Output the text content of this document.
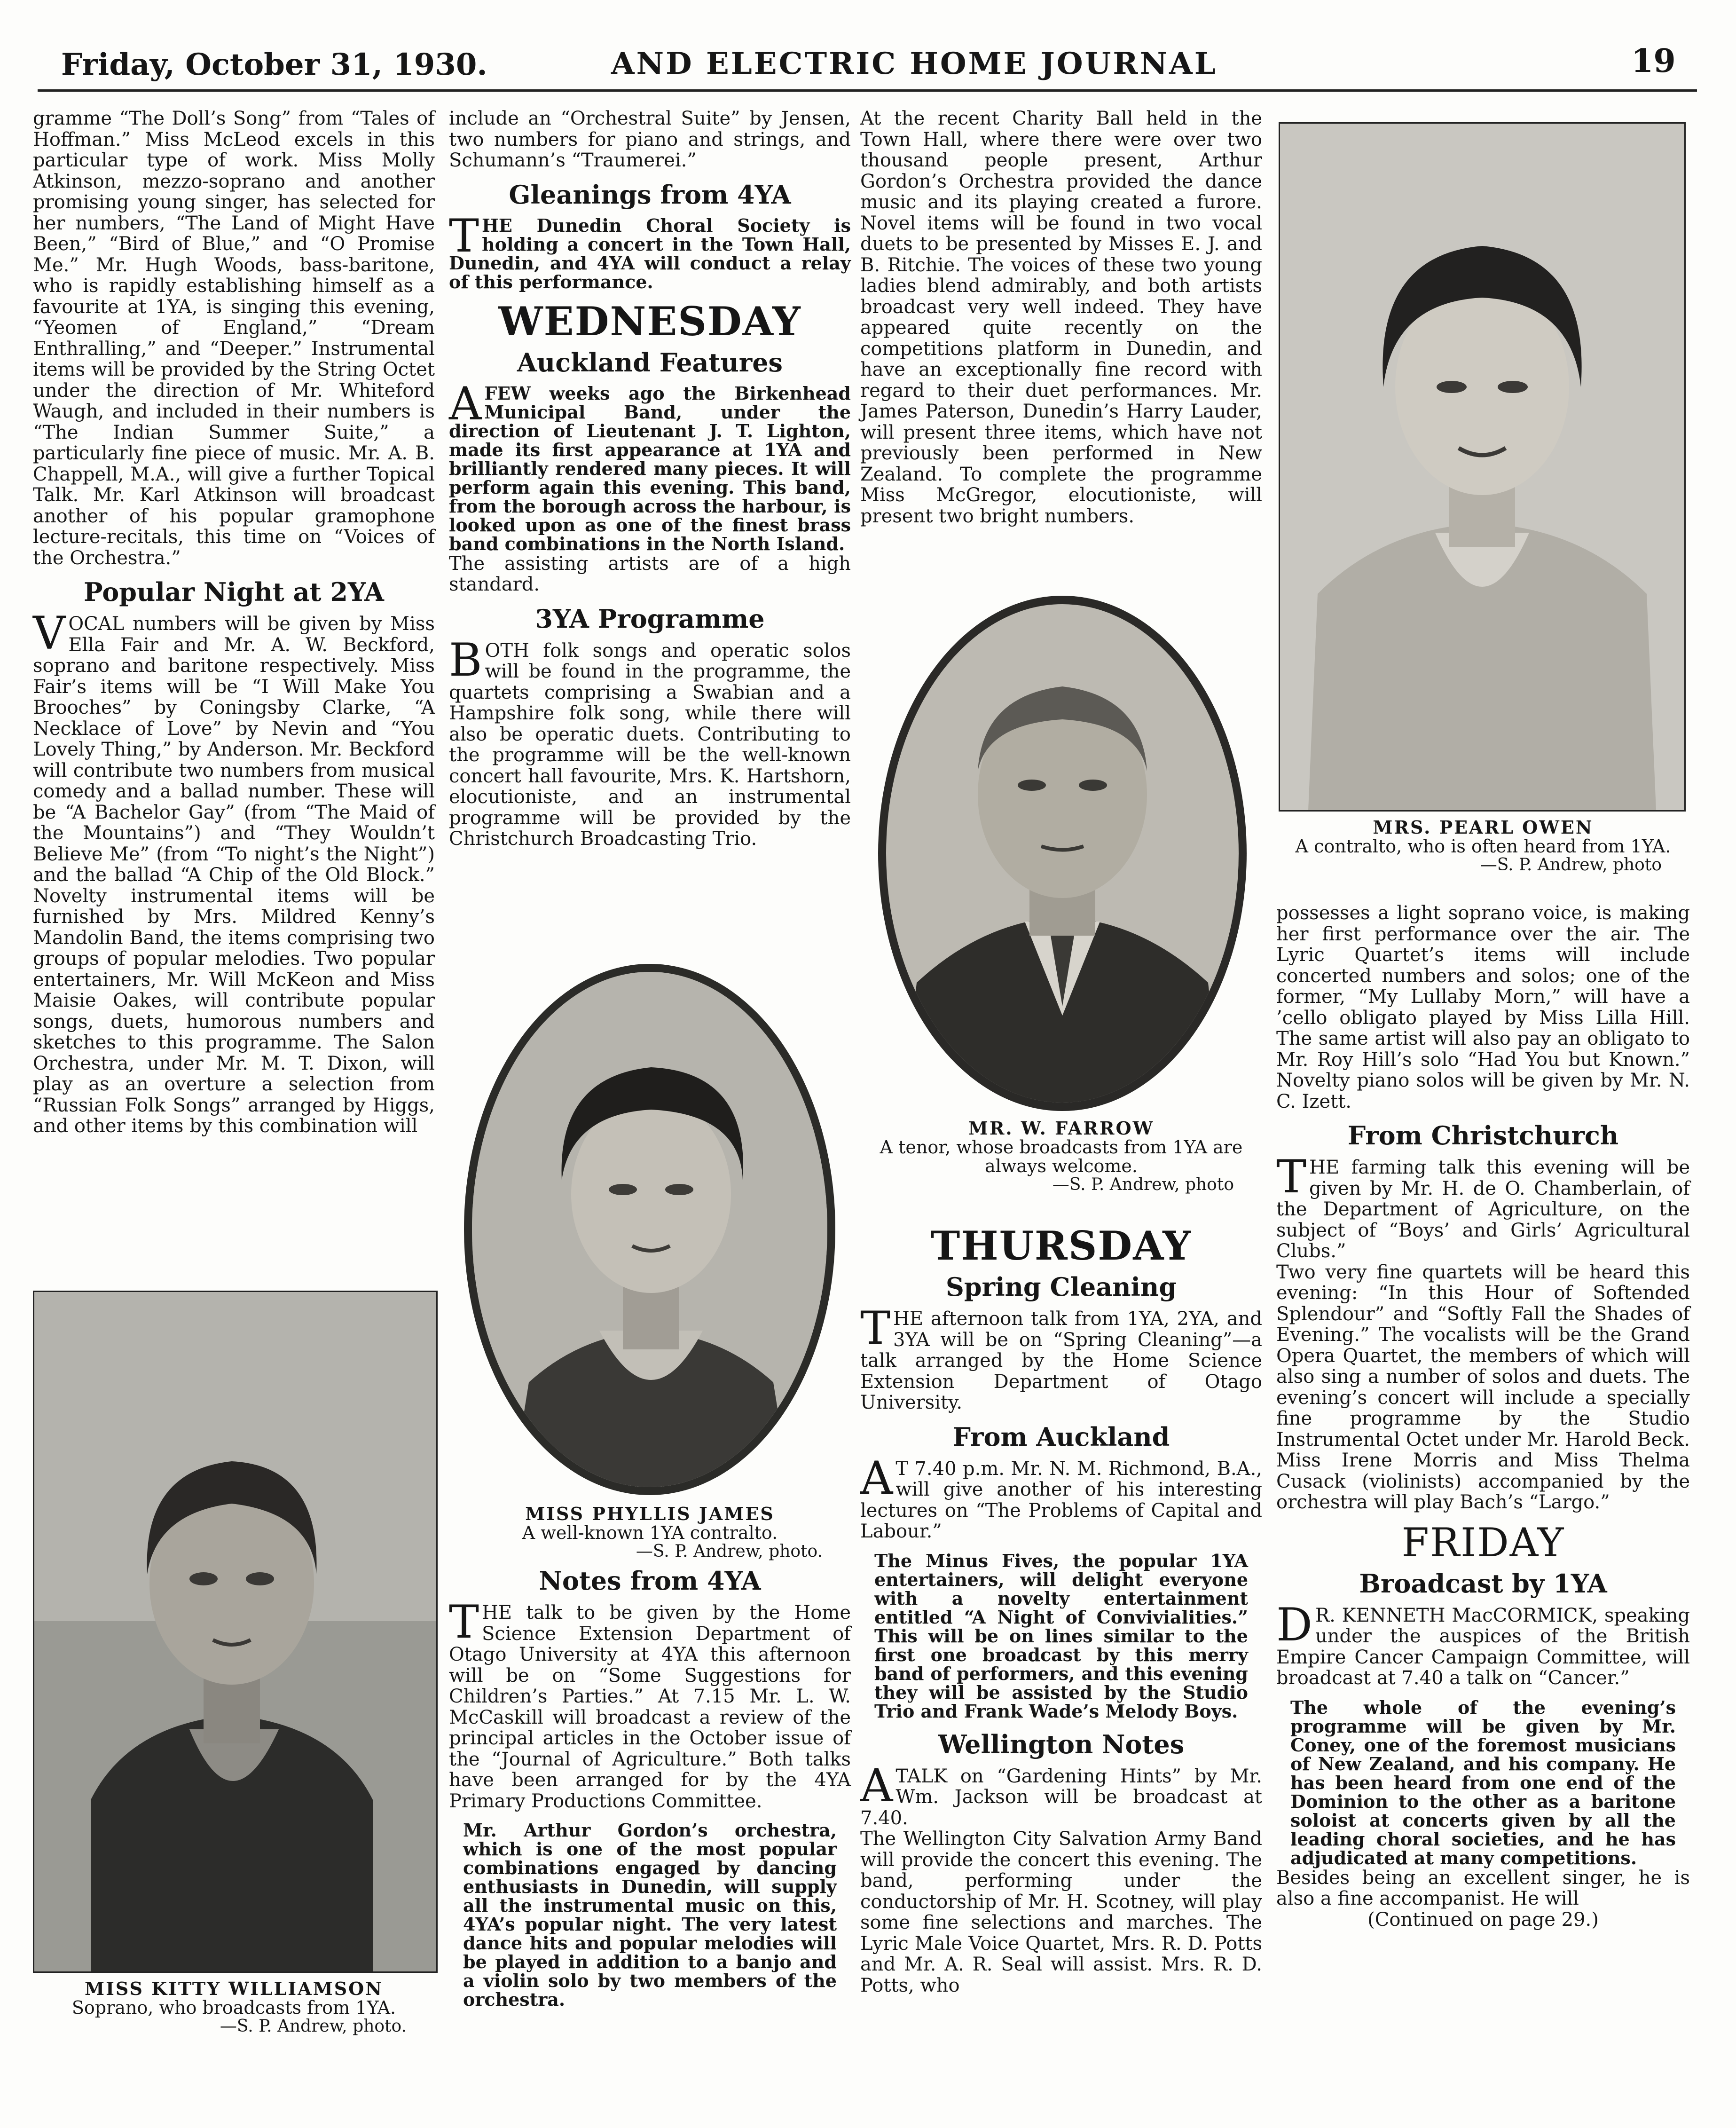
Friday, October 31, 1930.	AND ELECTRIC HOME JOURNAL	19

gramme “The Doll’s Song” from “Tales of Hoffman.” Miss McLeod excels in this particular type of work. Miss Molly Atkinson, mezzo-soprano and another promising young singer, has selected for her numbers, “The Land of Might Have Been,” “Bird of Blue,” and “O Promise Me.” Mr. Hugh Woods, bass-baritone, who is rapidly establishing himself as a favourite at 1YA, is singing this evening, “Yeomen of England,” “Dream Enthralling,” and “Deeper.” Instrumental items will be provided by the String Octet under the direction of Mr. Whiteford Waugh, and included in their numbers is “The Indian Summer Suite,” a particularly fine piece of music. Mr. A. B. Chappell, M.A., will give a further Topical Talk. Mr. Karl Atkinson will broadcast another of his popular gramophone lecture-recitals, this time on “Voices of the Orchestra.”

Popular Night at 2YA

VOCAL numbers will be given by Miss Ella Fair and Mr. A. W. Beckford, soprano and baritone respectively. Miss Fair’s items will be “I Will Make You Brooches” by Coningsby Clarke, “A Necklace of Love” by Nevin and “You Lovely Thing,” by Anderson. Mr. Beckford will contribute two numbers from musical comedy and a ballad number. These will be “A Bachelor Gay” (from “The Maid of the Mountains”) and “They Wouldn’t Believe Me” (from “To night’s the Night”) and the ballad “A Chip of the Old Block.” Novelty instrumental items will be furnished by Mrs. Mildred Kenny’s Mandolin Band, the items comprising two groups of popular melodies. Two popular entertainers, Mr. Will McKeon and Miss Maisie Oakes, will contribute popular songs, duets, humorous numbers and sketches to this programme. The Salon Orchestra, under Mr. M. T. Dixon, will play as an overture a selection from “Russian Folk Songs” arranged by Higgs, and other items by this combination will

MISS KITTY WILLIAMSON
Soprano, who broadcasts from 1YA.
—S. P. Andrew, photo.

include an “Orchestral Suite” by Jensen, two numbers for piano and strings, and Schumann’s “Traumerei.”

Gleanings from 4YA

THE Dunedin Choral Society is holding a concert in the Town Hall, Dunedin, and 4YA will conduct a relay of this performance.

WEDNESDAY
Auckland Features

AFEW weeks ago the Birkenhead Municipal Band, under the direction of Lieutenant J. T. Lighton, made its first appearance at 1YA and brilliantly rendered many pieces. It will perform again this evening. This band, from the borough across the harbour, is looked upon as one of the finest brass band combinations in the North Island.

The assisting artists are of a high standard.

3YA Programme

BOTH folk songs and operatic solos will be found in the programme, the quartets comprising a Swabian and a Hampshire folk song, while there will also be operatic duets. Contributing to the programme will be the well-known concert hall favourite, Mrs. K. Hartshorn, elocutioniste, and an instrumental programme will be provided by the Christchurch Broadcasting Trio.

MISS PHYLLIS JAMES
A well-known 1YA contralto.
—S. P. Andrew, photo.
Notes from 4YA

THE talk to be given by the Home Science Extension Department of Otago University at 4YA this afternoon will be on “Some Suggestions for Children’s Parties.” At 7.15 Mr. L. W. McCaskill will broadcast a review of the principal articles in the October issue of the “Journal of Agriculture.” Both talks have been arranged for by the 4YA Primary Productions Committee.

Mr. Arthur Gordon’s orchestra, which is one of the most popular combinations engaged by dancing enthusiasts in Dunedin, will supply all the instrumental music on this, 4YA’s popular night. The very latest dance hits and popular melodies will be played in addition to a banjo and a violin solo by two members of the orchestra.

At the recent Charity Ball held in the Town Hall, where there were over two thousand people present, Arthur Gordon’s Orchestra provided the dance music and its playing created a furore. Novel items will be found in two vocal duets to be presented by Misses E. J. and B. Ritchie. The voices of these two young ladies blend admirably, and both artists broadcast very well indeed. They have appeared quite recently on the competitions platform in Dunedin, and have an exceptionally fine record with regard to their duet performances. Mr. James Paterson, Dunedin’s Harry Lauder, will present three items, which have not previously been performed in New Zealand. To complete the programme Miss McGregor, elocutioniste, will present two bright numbers.

MR. W. FARROW
A tenor, whose broadcasts from 1YA are always welcome.
—S. P. Andrew, photo
THURSDAY
Spring Cleaning

THE afternoon talk from 1YA, 2YA, and 3YA will be on “Spring Cleaning”—a talk arranged by the Home Science Extension Department of Otago University.

From Auckland

A T 7.40 p.m. Mr. N. M. Richmond, B.A., will give another of his interesting lectures on “The Problems of Capital and Labour.”

The Minus Fives, the popular 1YA entertainers, will delight everyone with a novelty entertainment entitled “A Night of Convivialities.” This will be on lines similar to the first one broadcast by this merry band of performers, and this evening they will be assisted by the Studio Trio and Frank Wade’s Melody Boys.

Wellington Notes

ATALK on “Gardening Hints” by Mr. Wm. Jackson will be broadcast at 7.40.

The Wellington City Salvation Army Band will provide the concert this evening. The band, performing under the conductorship of Mr. H. Scotney, will play some fine selections and marches. The Lyric Male Voice Quartet, Mrs. R. D. Potts and Mr. A. R. Seal will assist. Mrs. R. D. Potts, who

MRS. PEARL OWEN
A contralto, who is often heard from 1YA.
—S. P. Andrew, photo

possesses a light soprano voice, is making her first performance over the air. The Lyric Quartet’s items will include concerted numbers and solos; one of the former, “My Lullaby Morn,” will have a ’cello obligato played by Miss Lilla Hill. The same artist will also pay an obligato to Mr. Roy Hill’s solo “Had You but Known.” Novelty piano solos will be given by Mr. N. C. Izett.

From Christchurch

THE farming talk this evening will be given by Mr. H. de O. Chamberlain, of the Department of Agriculture, on the subject of “Boys’ and Girls’ Agricultural Clubs.”

Two very fine quartets will be heard this evening: “In this Hour of Softended Splendour” and “Softly Fall the Shades of Evening.” The vocalists will be the Grand Opera Quartet, the members of which will also sing a number of solos and duets. The evening’s concert will include a specially fine programme by the Studio Instrumental Octet under Mr. Harold Beck. Miss Irene Morris and Miss Thelma Cusack (violinists) accompanied by the orchestra will play Bach’s “Largo.”

FRIDAY
Broadcast by 1YA

D R. KENNETH MacCORMICK, speaking under the auspices of the British Empire Cancer Campaign Committee, will broadcast at 7.40 a talk on “Cancer.”

The whole of the evening’s programme will be given by Mr. Coney, one of the foremost musicians of New Zealand, and his company. He has been heard from one end of the Dominion to the other as a baritone soloist at concerts given by all the leading choral societies, and he has adjudicated at many competitions.

Besides being an excellent singer, he is also a fine accompanist. He will

(Continued on page 29.)
